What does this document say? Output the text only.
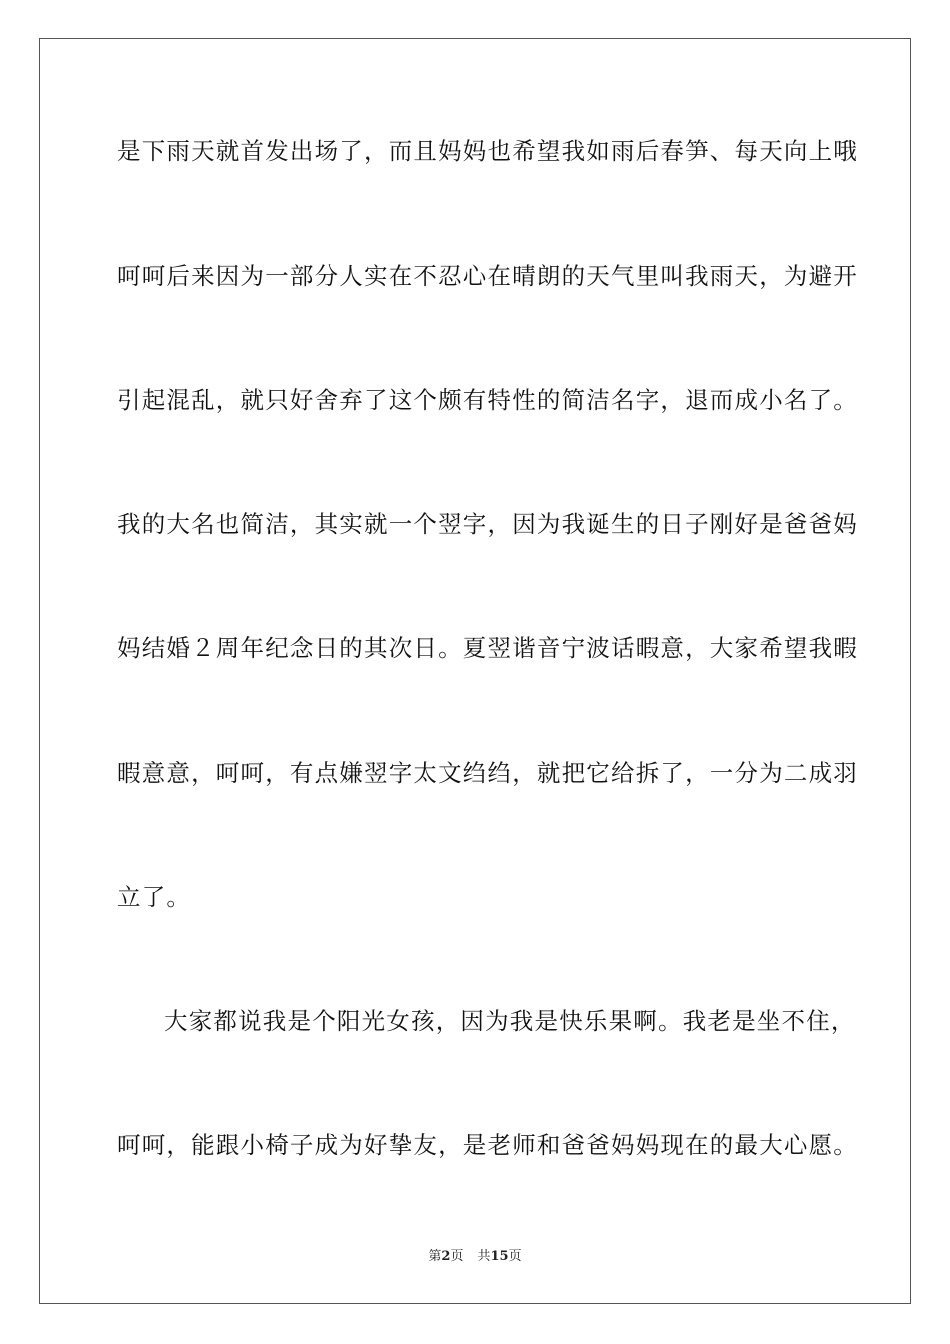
是下雨天就首发出场了，而且妈妈也希望我如雨后春笋、每天向上哦
呵呵后来因为一部分人实在不忍心在晴朗的天气里叫我雨天，为避开
引起混乱，就只好舍弃了这个颇有特性的简洁名字，退而成小名了。
我的大名也简洁，其实就一个翌字，因为我诞生的日子刚好是爸爸妈
妈结婚２周年纪念日的其次日。夏翌谐音宁波话暇意，大家希望我暇
暇意意，呵呵，有点嫌翌字太文绉绉，就把它给拆了，一分为二成羽
立了。
大家都说我是个阳光女孩，因为我是快乐果啊。我老是坐不住，
呵呵，能跟小椅子成为好挚友，是老师和爸爸妈妈现在的最大心愿。
第2页 共15页
